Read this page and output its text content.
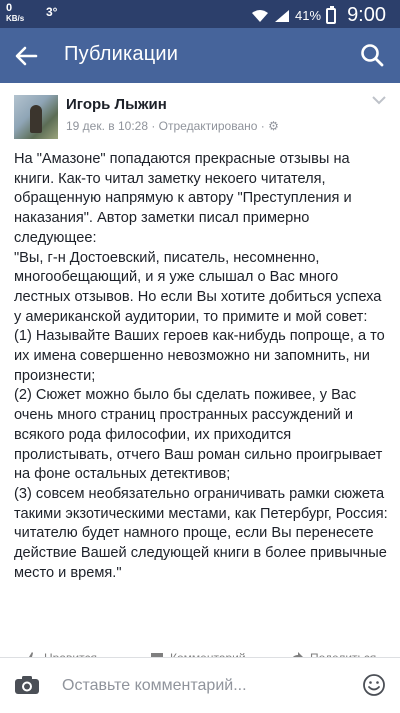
0
KB/s 3°	41% 9:00
Публикации
Игорь Лыжин
19 дек. в 10:28 · Отредактировано · ⚙
На "Амазоне" попадаются прекрасные отзывы на книги. Как-то читал заметку некоего читателя, обращенную напрямую к автору "Преступления и наказания". Автор заметки писал примерно следующее:
"Вы, г-н Достоевский, писатель, несомненно, многообещающий, и я уже слышал о Вас много лестных отзывов. Но если Вы хотите добиться успеха у американской аудитории, то примите и мой совет:
(1) Называйте Ваших героев как-нибудь попроще, а то их имена совершенно невозможно ни запомнить, ни произнести;
(2) Сюжет можно было бы сделать поживее, у Вас очень много страниц пространных рассуждений и всякого рода философии, их приходится пролистывать, отчего Ваш роман сильно проигрывает на фоне остальных детективов;
(3) совсем необязательно ограничивать рамки сюжета такими экзотическими местами, как Петербург, Россия: читателю будет намного проще, если Вы перенесете действие Вашей следующей книги в более привычные место и время."
Оставьте комментарий...
